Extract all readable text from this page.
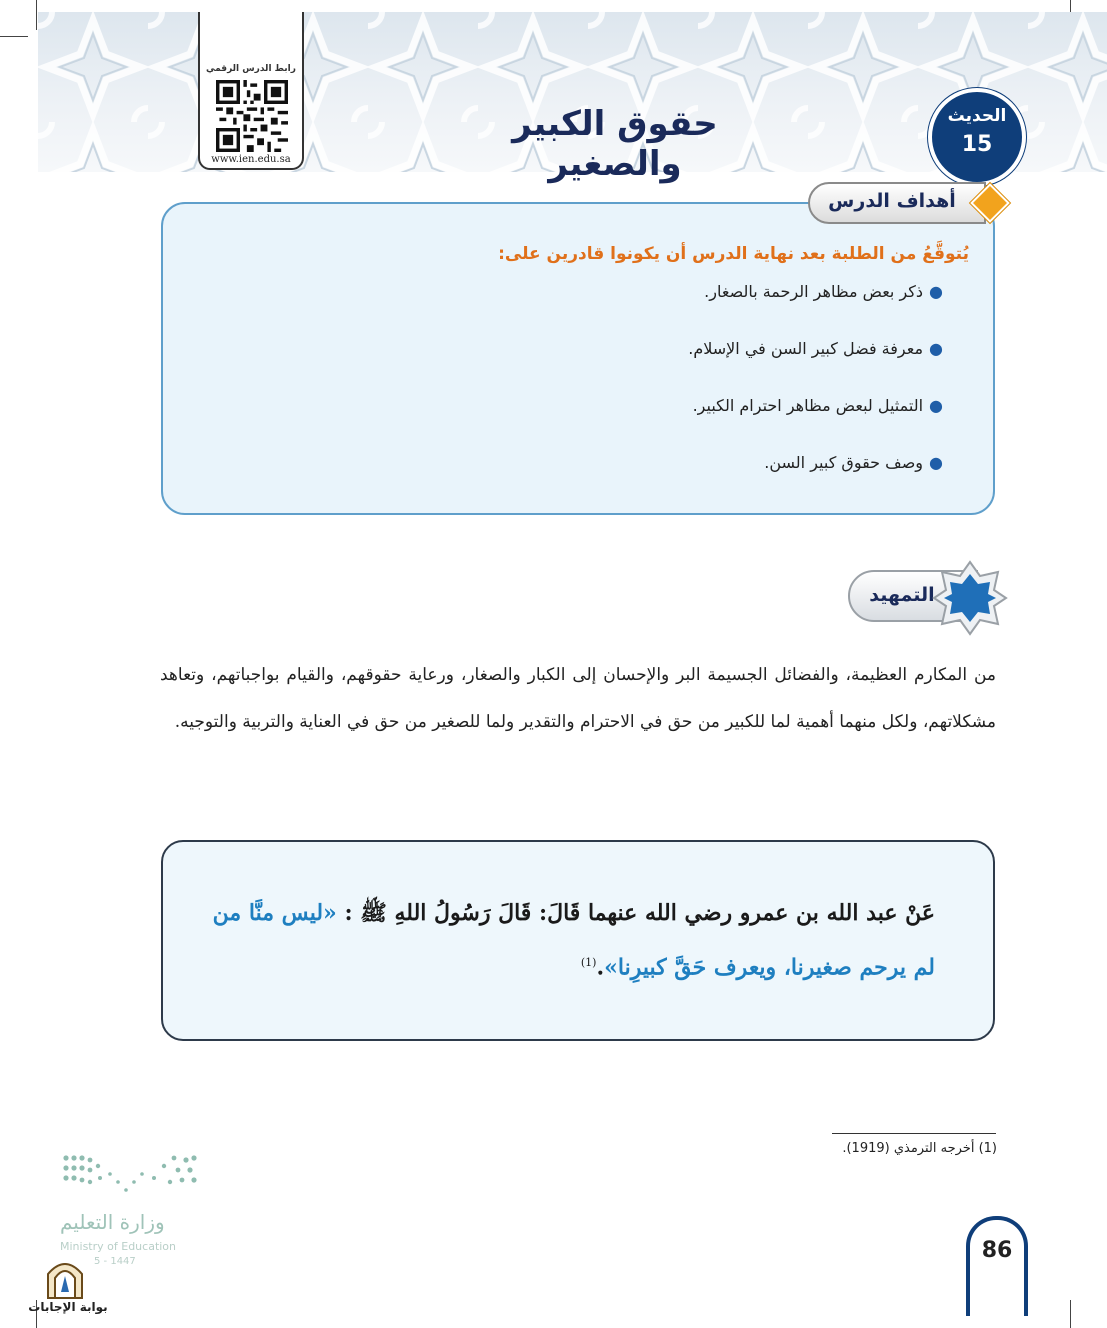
رابط الدرس الرقمي
www.ien.edu.sa
حقوق الكبير والصغير
الحديث
15
أهداف الدرس
يُتوقَّعُ من الطلبة بعد نهاية الدرس أن يكونوا قادرين على:
●ذكر بعض مظاهر الرحمة بالصغار.
●معرفة فضل كبير السن في الإسلام.
●التمثيل لبعض مظاهر احترام الكبير.
●وصف حقوق كبير السن.
التمهيد
من المكارم العظيمة، والفضائل الجسيمة البر والإحسان إلى الكبار والصغار، ورعاية حقوقهم، والقيام بواجباتهم، وتعاهد مشكلاتهم، ولكل منهما أهمية لما للكبير من حق في الاحترام والتقدير ولما للصغير من حق في العناية والتربية والتوجيه.
عَنْ عبد الله بن عمرو رضي الله عنهما قَالَ: قَالَ رَسُولُ اللهِ ﷺ : «ليس منَّا من لم يرحم صغيرنا، ويعرف حَقَّ كبيرِنا».$^{(1)}$
(1) أخرجه الترمذي (1919).
وزارة التعليم
Ministry of Education
5 - 1447
بوابة الإجابات
86
